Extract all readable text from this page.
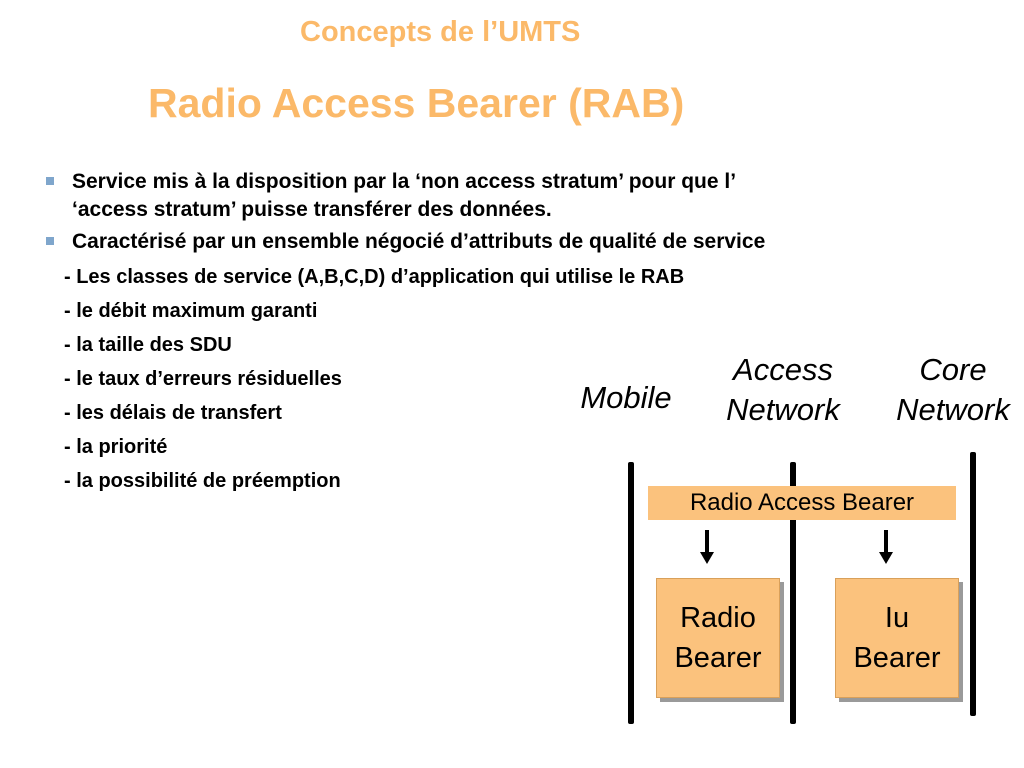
Concepts de l’UMTS
Radio Access Bearer (RAB)
Service mis à la disposition par la ‘non access stratum’ pour que l’
‘access stratum’ puisse transférer des données.
Caractérisé par un ensemble négocié d’attributs de qualité de service
- Les classes de service (A,B,C,D) d’application qui utilise le RAB
- le débit maximum garanti
- la taille des SDU
- le taux d’erreurs résiduelles
- les délais de transfert
- la priorité
- la possibilité de préemption
Mobile
Access
Network
Core
Network
Radio Access Bearer
Radio
Bearer
Iu
Bearer
